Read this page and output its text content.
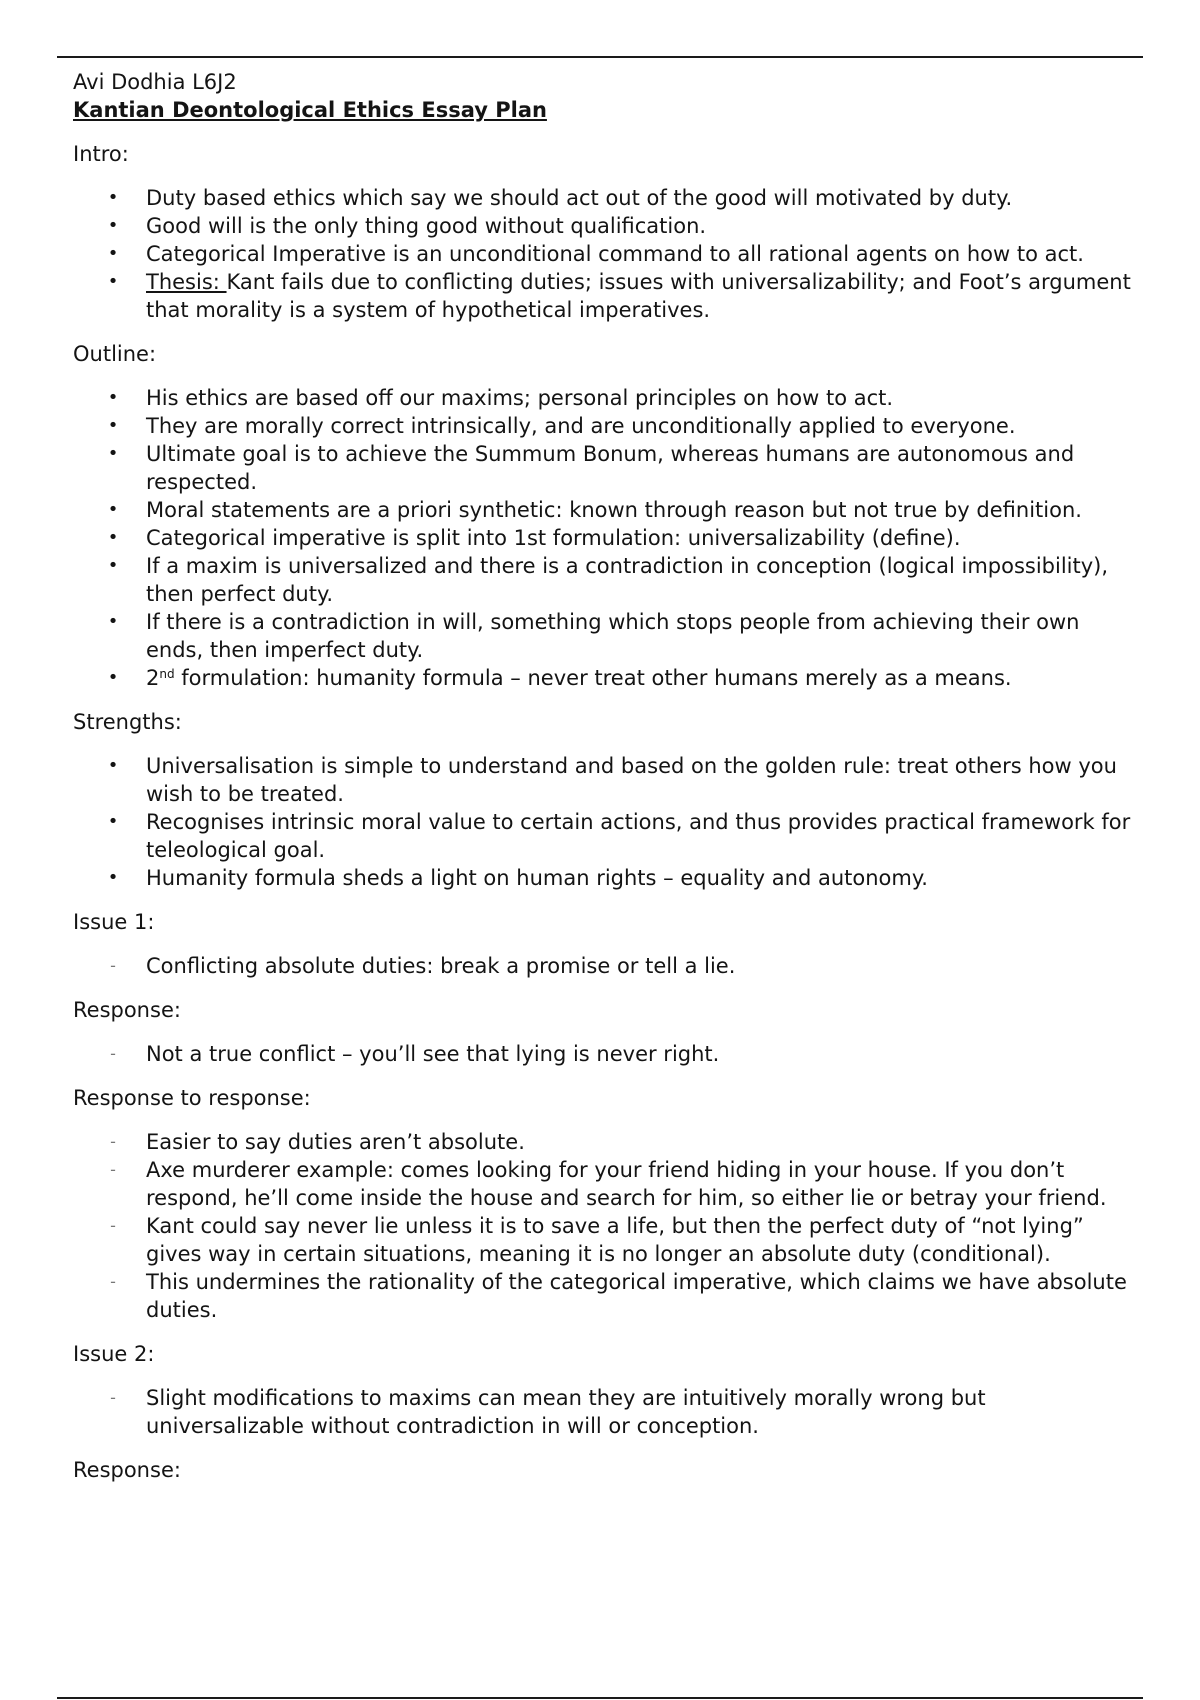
Avi Dodhia L6J2

Kantian Deontological Ethics Essay Plan

Intro:

• Duty based ethics which say we should act out of the good will motivated by duty.
• Good will is the only thing good without qualification.
• Categorical Imperative is an unconditional command to all rational agents on how to act.
• Thesis: Kant fails due to conflicting duties; issues with universalizability; and Foot’s argument that morality is a system of hypothetical imperatives.

Outline:

• His ethics are based off our maxims; personal principles on how to act.
• They are morally correct intrinsically, and are unconditionally applied to everyone.
• Ultimate goal is to achieve the Summum Bonum, whereas humans are autonomous and respected.
• Moral statements are a priori synthetic: known through reason but not true by definition.
• Categorical imperative is split into 1st formulation: universalizability (define).
• If a maxim is universalized and there is a contradiction in conception (logical impossibility), then perfect duty.
• If there is a contradiction in will, something which stops people from achieving their own ends, then imperfect duty.
• 2nd formulation: humanity formula – never treat other humans merely as a means.

Strengths:

• Universalisation is simple to understand and based on the golden rule: treat others how you wish to be treated.
• Recognises intrinsic moral value to certain actions, and thus provides practical framework for teleological goal.
• Humanity formula sheds a light on human rights – equality and autonomy.

Issue 1:

- Conflicting absolute duties: break a promise or tell a lie.

Response:

- Not a true conflict – you’ll see that lying is never right.

Response to response:

- Easier to say duties aren’t absolute.
- Axe murderer example: comes looking for your friend hiding in your house. If you don’t respond, he’ll come inside the house and search for him, so either lie or betray your friend.
- Kant could say never lie unless it is to save a life, but then the perfect duty of “not lying” gives way in certain situations, meaning it is no longer an absolute duty (conditional).
- This undermines the rationality of the categorical imperative, which claims we have absolute duties.

Issue 2:

- Slight modifications to maxims can mean they are intuitively morally wrong but universalizable without contradiction in will or conception.

Response:
